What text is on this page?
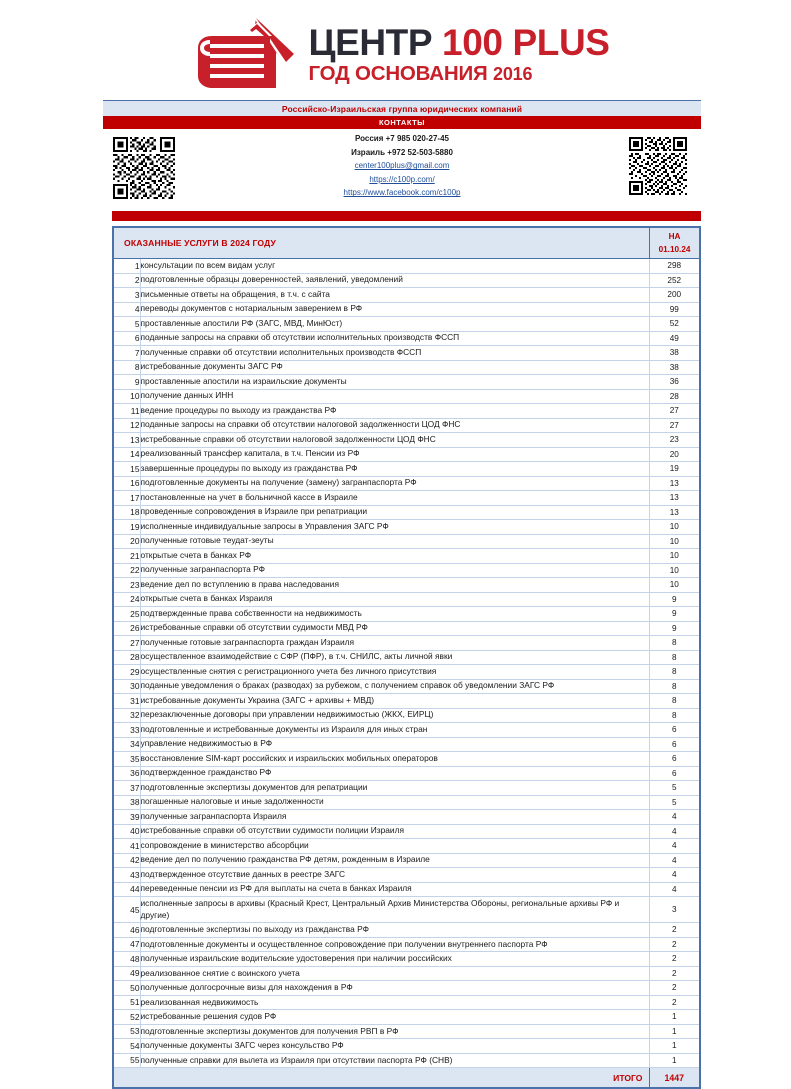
ЦЕНТР 100 PLUS
ГОД ОСНОВАНИЯ 2016
Российско-Израильская группа юридических компаний
КОНТАКТЫ
Россия +7 985 020-27-45
Израиль +972 52-503-5880
center100plus@gmail.com
https://c100p.com/
https://www.facebook.com/c100p
ОКАЗАННЫЕ УСЛУГИ В 2024 ГОДУ		НА
01.10.24

1	консультации по всем видам услуг	298
2	подготовленные образцы доверенностей, заявлений, уведомлений	252
3	письменные ответы на обращения, в т.ч. с сайта	200
4	переводы документов с нотариальным заверением в РФ	99
5	проставленные апостили РФ (ЗАГС, МВД, МинЮст)	52
6	поданные запросы на справки об отсутствии исполнительных производств ФССП	49
7	полученные справки об отсутствии исполнительных производств ФССП	38
8	истребованные документы ЗАГС РФ	38
9	проставленные апостили на израильские документы	36
10	получение данных ИНН	28
11	ведение процедуры по выходу из гражданства РФ	27
12	поданные запросы на справки об отсутствии налоговой задолженности ЦОД ФНС	27
13	истребованные справки об отсутствии налоговой задолженности ЦОД ФНС	23
14	реализованный трансфер капитала, в т.ч. Пенсии из РФ	20
15	завершенные процедуры по выходу из гражданства РФ	19
16	подготовленные документы на получение (замену) загранпаспорта РФ	13
17	постановленные на учет в больничной кассе в Израиле	13
18	проведенные сопровождения в Израиле при репатриации	13
19	исполненные индивидуальные запросы в Управления ЗАГС РФ	10
20	полученные готовые теудат-зеуты	10
21	открытые счета в банках РФ	10
22	полученные загранпаспорта РФ	10
23	ведение дел по вступлению в права наследования	10
24	открытые счета в банках Израиля	9
25	подтвержденные права собственности на недвижимость	9
26	истребованные справки об отсутствии судимости МВД РФ	9
27	полученные готовые загранпаспорта граждан Израиля	8
28	осуществленное взаимодействие с СФР (ПФР), в т.ч. СНИЛС, акты личной явки	8
29	осуществленные снятия с регистрационного учета без личного присутствия	8
30	поданные уведомления о браках (разводах) за рубежом, с получением справок об уведомлении ЗАГС РФ	8
31	истребованные документы Украина (ЗАГС + архивы + МВД)	8
32	перезаключенные договоры при управлении недвижимостью (ЖКХ, ЕИРЦ)	8
33	подготовленные и истребованные документы из Израиля для иных стран	6
34	управление недвижимостью в РФ	6
35	восстановление SIM-карт российских и израильских мобильных операторов	6
36	подтвержденное гражданство РФ	6
37	подготовленные экспертизы документов для репатриации	5
38	погашенные налоговые и иные задолженности	5
39	полученные загранпаспорта Израиля	4
40	истребованные справки об отсутствии судимости полиции Израиля	4
41	сопровождение в министерство абсорбции	4
42	ведение дел по получению гражданства РФ детям, рожденным в Израиле	4
43	подтвержденное отсутствие данных в реестре ЗАГС	4
44	переведенные пенсии из РФ для выплаты на счета в банках Израиля	4
45	исполненные запросы в архивы (Красный Крест, Центральный Архив Министерства Обороны, региональные архивы РФ и другие)	3
46	подготовленные экспертизы по выходу из гражданства РФ	2
47	подготовленные документы и осуществленное сопровождение при получении внутреннего паспорта РФ	2
48	полученные израильские водительские удостоверения при наличии российских	2
49	реализованное снятие с воинского учета	2
50	полученные долгосрочные визы для нахождения в РФ	2
51	реализованная недвижимость	2
52	истребованные решения судов РФ	1
53	подготовленные экспертизы документов для получения РВП в РФ	1
54	полученные документы ЗАГС через консульство РФ	1
55	полученные справки для вылета из Израиля при отсутствии паспорта РФ (СНВ)	1
ИТОГО		1447
